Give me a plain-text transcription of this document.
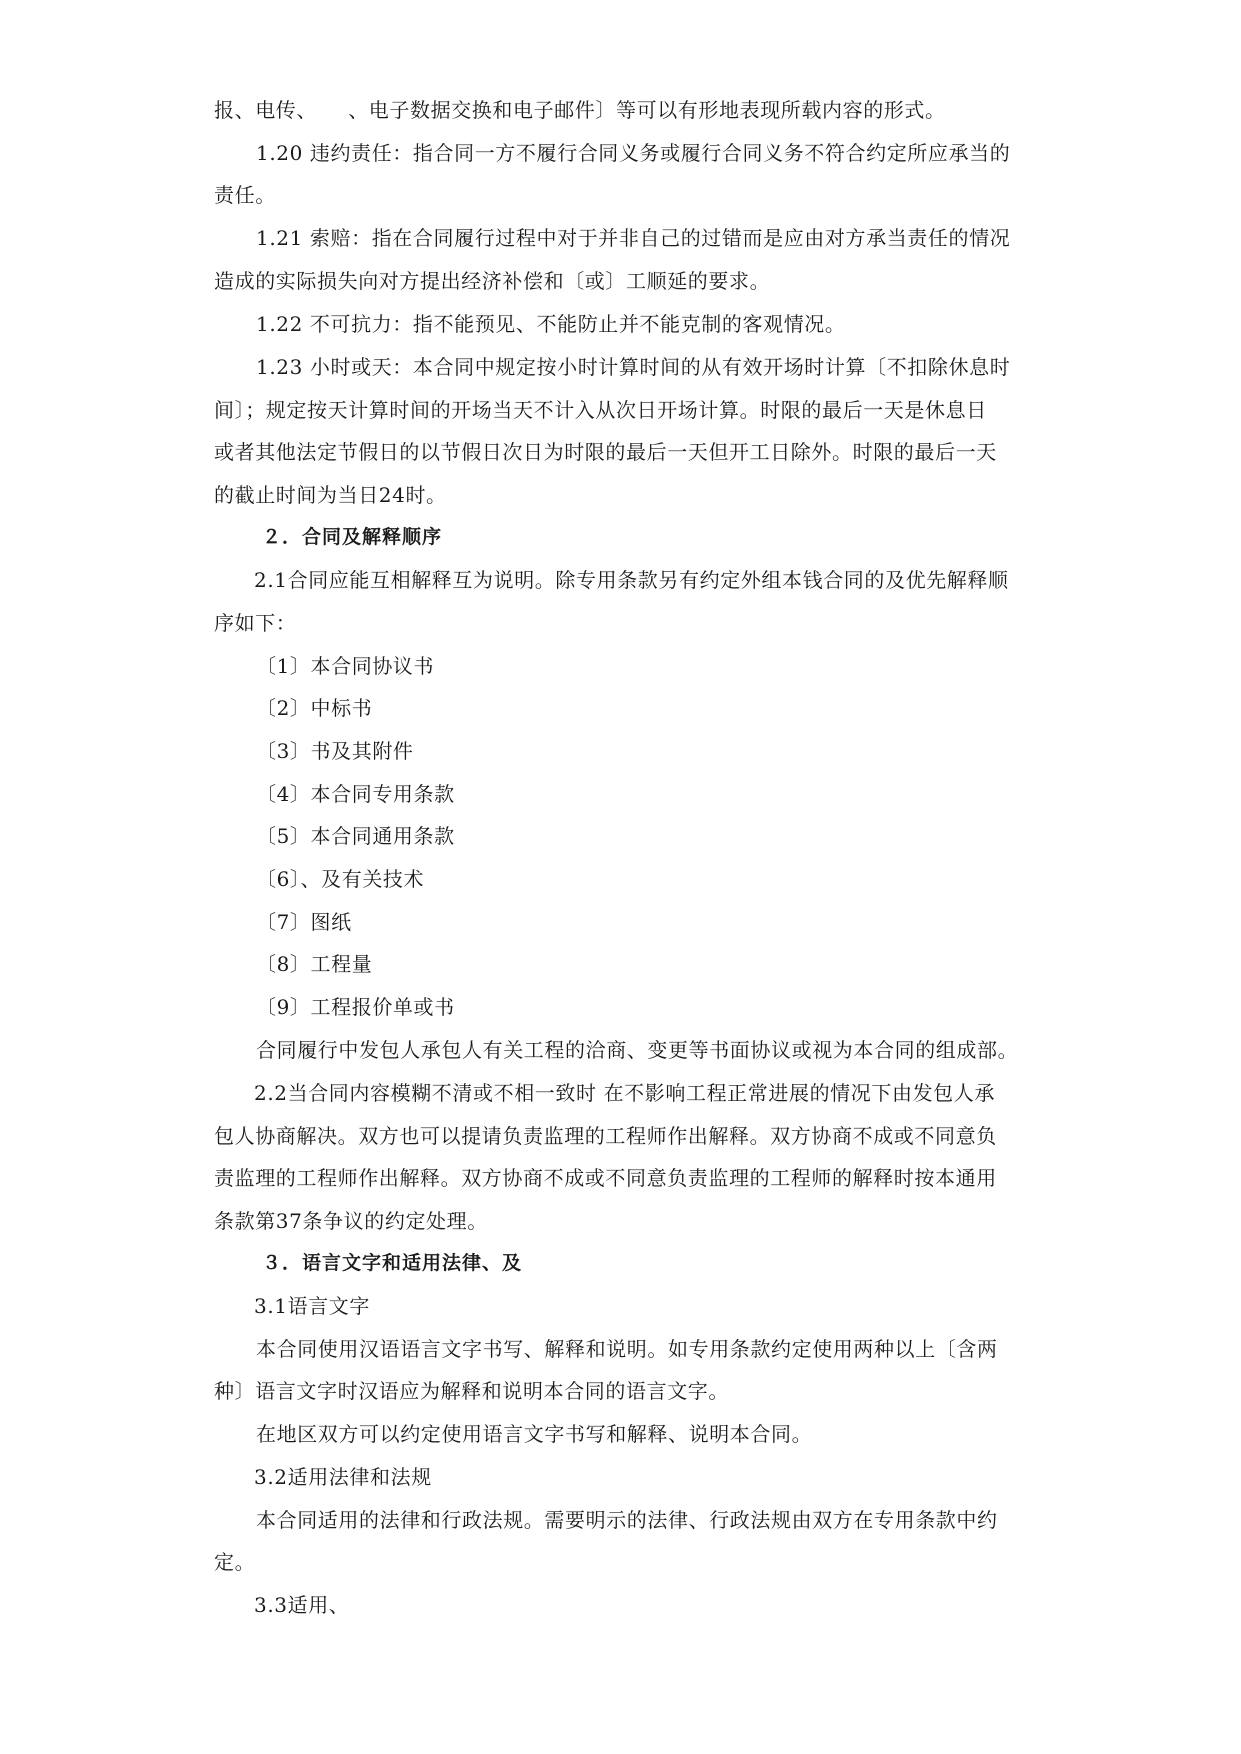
报、电传、　　、电子数据交换和电子邮件〕等可以有形地表现所载内容的形式。
1.20 违约责任：指合同一方不履行合同义务或履行合同义务不符合约定所应承当的
责任。
1.21 索赔：指在合同履行过程中对于并非自己的过错而是应由对方承当责任的情况
造成的实际损失向对方提出经济补偿和〔或〕工顺延的要求。
1.22 不可抗力：指不能预见、不能防止并不能克制的客观情况。
1.23 小时或天：本合同中规定按小时计算时间的从有效开场时计算〔不扣除休息时
间〕；规定按天计算时间的开场当天不计入从次日开场计算。时限的最后一天是休息日
或者其他法定节假日的以节假日次日为时限的最后一天但开工日除外。时限的最后一天
的截止时间为当日24时。
２．合同及解释顺序
2.1合同应能互相解释互为说明。除专用条款另有约定外组本钱合同的及优先解释顺
序如下：
〔1〕本合同协议书
〔2〕中标书
〔3〕书及其附件
〔4〕本合同专用条款
〔5〕本合同通用条款
〔6〕、及有关技术
〔7〕图纸
〔8〕工程量
〔9〕工程报价单或书
合同履行中发包人承包人有关工程的洽商、变更等书面协议或视为本合同的组成部。
2.2当合同内容模糊不清或不相一致时 在不影响工程正常进展的情况下由发包人承
包人协商解决。双方也可以提请负责监理的工程师作出解释。双方协商不成或不同意负
责监理的工程师作出解释。双方协商不成或不同意负责监理的工程师的解释时按本通用
条款第37条争议的约定处理。
３．语言文字和适用法律、及
3.1语言文字
本合同使用汉语语言文字书写、解释和说明。如专用条款约定使用两种以上〔含两
种〕语言文字时汉语应为解释和说明本合同的语言文字。
在地区双方可以约定使用语言文字书写和解释、说明本合同。
3.2适用法律和法规
本合同适用的法律和行政法规。需要明示的法律、行政法规由双方在专用条款中约
定。
3.3适用、
